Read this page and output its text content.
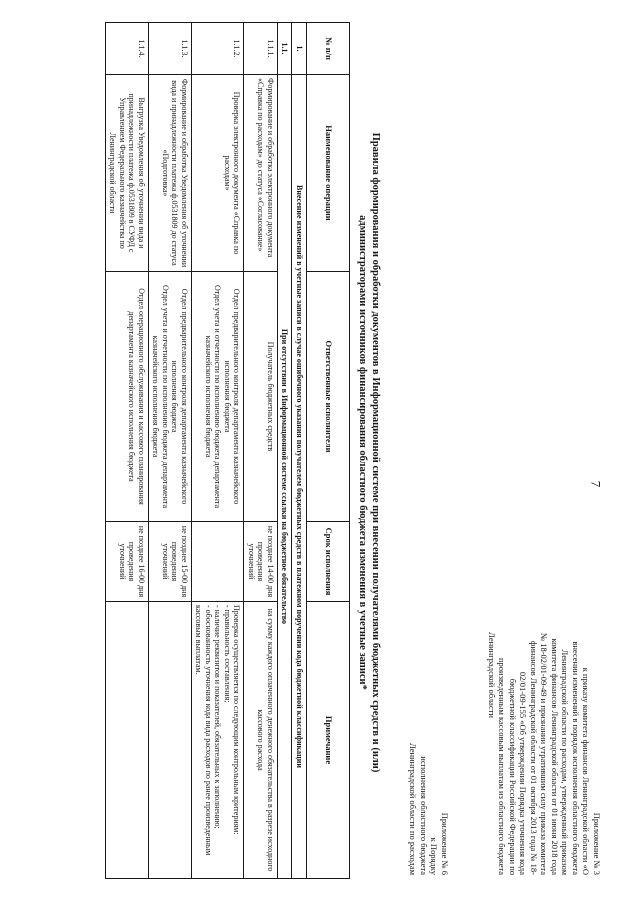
7
Приложение № 3
к приказу комитета финансов Ленинградской области «О
внесении изменений в порядок исполнения областного бюджета
Ленинградской области по расходам, утвержденный приказом
комитета финансов Ленинградской области от 01 июня 2018 года
№ 18-02/01-09-49 и признании утратившим силу приказа комитета
финансов Ленинградской области от 01 октября 2013 года № 18-
02/01-09-155 «Об утверждении Порядка уточнения кода
бюджетной классификации Российской Федерации по
произведенным кассовым выплатам из областного бюджета
Ленинградской области
Приложение № 6
к Порядку
исполнения областного бюджета
Ленинградской области по расходам
Правила формирования и обработки документов в Информационной системе при внесении получателями бюджетных средств и (или)
администраторами источников финансирования областного бюджета изменения в учетные записи*
№ п/п	Наименование операции	Ответственные исполнители	Срок исполнения	Примечание
1.	Внесение изменений в учетные записи в случае ошибочного указания получателем бюджетных средств в платежном поручении кода бюджетной классификации			
1.1.	При отсутствии в Информационной системе ссылки на бюджетное обязательство			
1.1.1.	Формирование и обработка электронного документа «Справка по расходам» до статуса «Согласование»	Получатель бюджетных средств	не позднее 14-00 дня проведения уточнений	на сумму каждого оплаченного денежного обязательства в разрезе исходного кассового расхода
1.1.2.	Проверка электронного документа «Справка по расходам»	Отдел предварительного контроля департамента казначейского исполнения бюджета
Отдел учета и отчетности по исполнению бюджета департамента казначейского исполнения бюджета		Проверка осуществляется по следующим контрольным критериям:
- правильность составления;
- наличие реквизитов и показателей, обязательных к заполнению;
- обоснованность уточнения кода вида расходов по ранее произведенным кассовым выплатам.
1.1.3.	Формирование и обработка Уведомления об уточнении вида и принадлежности платежа ф.0531809 до статуса «Подготовка»	Отдел предварительного контроля департамента казначейского исполнения бюджета
Отдел учета и отчетности по исполнению бюджета департамента казначейского исполнения бюджета	не позднее 15-00 дня проведения уточнений	
1.1.4.	Выгрузка Уведомления об уточнении вида и принадлежности платежа ф.0531809 в СУФД с Управлением Федерального казначейства по Ленинградской области	Отдел операционного обслуживания и кассового планирования департамента казначейского исполнения бюджета	не позднее 16-00 дня проведения уточнений	
